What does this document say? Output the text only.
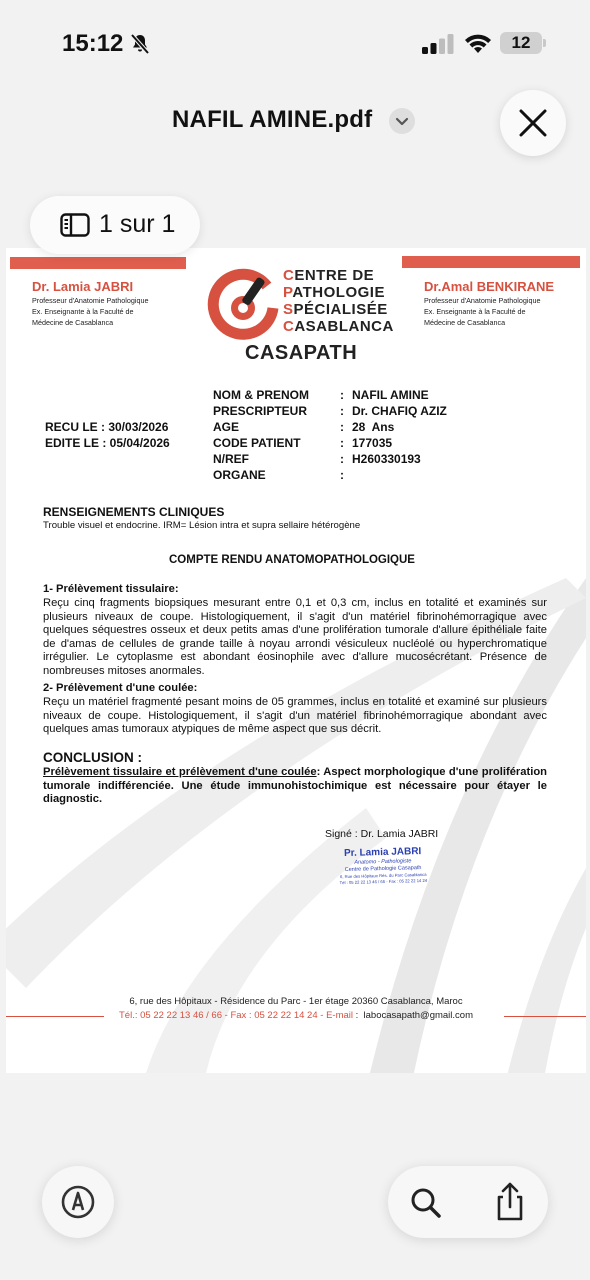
15:12	12
NAFIL AMINE.pdf
Dr. Lamia JABRI
Professeur d'Anatomie Pathologique
Ex. Enseignante à la Faculté de
Médecine de Casablanca
Dr.Amal BENKIRANE
Professeur d'Anatomie Pathologique
Ex. Enseignante à la Faculté de
Médecine de Casablanca
CENTRE DE
PATHOLOGIE
SPÉCIALISÉE
CASABLANCA
CASAPATH
NOM & PRENOM
PRESCRIPTEUR
AGE
CODE PATIENT
N/REF
ORGANE
:
:
:
:
:
:
NAFIL AMINE
Dr. CHAFIQ AZIZ
28  Ans
177035
H260330193
RECU LE : 30/03/2026
EDITE LE : 05/04/2026
RENSEIGNEMENTS CLINIQUES
Trouble visuel et endocrine. IRM= Lésion intra et supra sellaire hétérogène
COMPTE RENDU ANATOMOPATHOLOGIQUE
1- Prélèvement tissulaire:
Reçu cinq fragments biopsiques mesurant entre 0,1 et 0,3 cm, inclus en totalité et examinés sur plusieurs niveaux de coupe. Histologiquement, il s'agit d'un matériel fibrinohémorragique avec quelques séquestres osseux et deux petits amas d'une prolifération tumorale d'allure épithéliale faite de d'amas de cellules de grande taille à noyau arrondi vésiculeux nucléolé ou hyperchromatique irrégulier. Le cytoplasme est abondant éosinophile avec d'allure mucosécrétant. Présence de nombreuses mitoses anormales.
2- Prélèvement d'une coulée:
Reçu un matériel fragmenté pesant moins de 05 grammes, inclus en totalité et examiné sur plusieurs niveaux de coupe. Histologiquement, il s'agit d'un matériel fibrinohémorragique abondant avec quelques amas tumoraux atypiques de même aspect que sus décrit.
CONCLUSION :
Prélèvement tissulaire et prélèvement d'une coulée: Aspect morphologique d'une prolifération tumorale indifférenciée. Une étude immunohistochimique est nécessaire pour étayer le diagnostic.
Signé : Dr. Lamia JABRI
Pr. Lamia JABRI
Anatomo - Pathologiste
Centre de Pathologie Casapath
6, Rue des Hôpitaux Rés. du Parc Casablanca
Tél : 05 22 22 13 46 / 66 - Fax : 05 22 22 14 24
6, rue des Hôpitaux - Résidence du Parc - 1er étage 20360 Casablanca, Maroc
Tél.: 05 22 22 13 46 / 66 - Fax : 05 22 22 14 24 - E-mail :  labocasapath@gmail.com
1 sur 1
